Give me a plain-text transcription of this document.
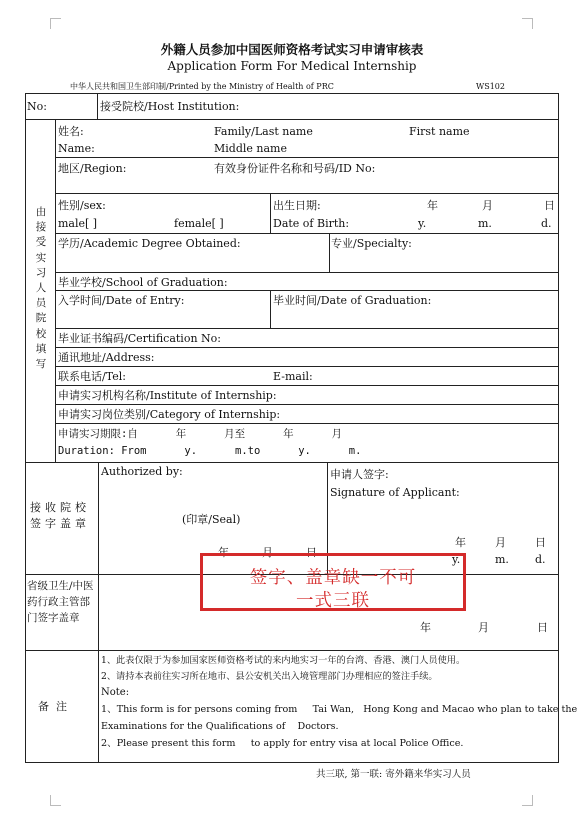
外籍人员参加中国医师资格考试实习申请审核表
Application Form For Medical Internship
中华人民共和国卫生部印制/Printed by the Ministry of Health of PRC	WS102
No:	接受院校/Host Institution:
由接受实习人员院校填写
姓名:
Name:
Family/Last name	First name
Middle name
地区/Region:	有效身份证件名称和号码/ID No:
性别/sex:
male[ ]	female[ ]
出生日期:
Date of Birth:
年	月	日
y.	m.	d.
学历/Academic Degree Obtained:	专业/Specialty:
毕业学校/School of Graduation:
入学时间/Date of Entry:	毕业时间/Date of Graduation:
毕业证书编码/Certification No:
通讯地址/Address:
联系电话/Tel:	E-mail:
申请实习机构名称/Institute of Internship:
申请实习岗位类别/Category of Internship:
申请实习期限:自      年      月至      年      月
Duration: From      y.      m.to      y.      m.
接收院校签字盖章
Authorized by:
(印章/Seal)
年	月	日
申请人签字:
Signature of Applicant:
年	月	日
y.	m. d.
省级卫生/中医药行政主管部门签字盖章
年	月	日
签字、盖章缺一不可
一式三联
备  注
1、此表仅限于为参加国家医师资格考试的来内地实习一年的台湾、香港、澳门人员使用。
2、请持本表前往实习所在地市、县公安机关出入境管理部门办理相应的签注手续。
Note:
1、This form is for persons coming from     Tai Wan,   Hong Kong and Macao who plan to take the
Examinations for the Qualifications of    Doctors.
2、Please present this form     to apply for entry visa at local Police Office.
共三联, 第一联: 寄外籍来华实习人员
